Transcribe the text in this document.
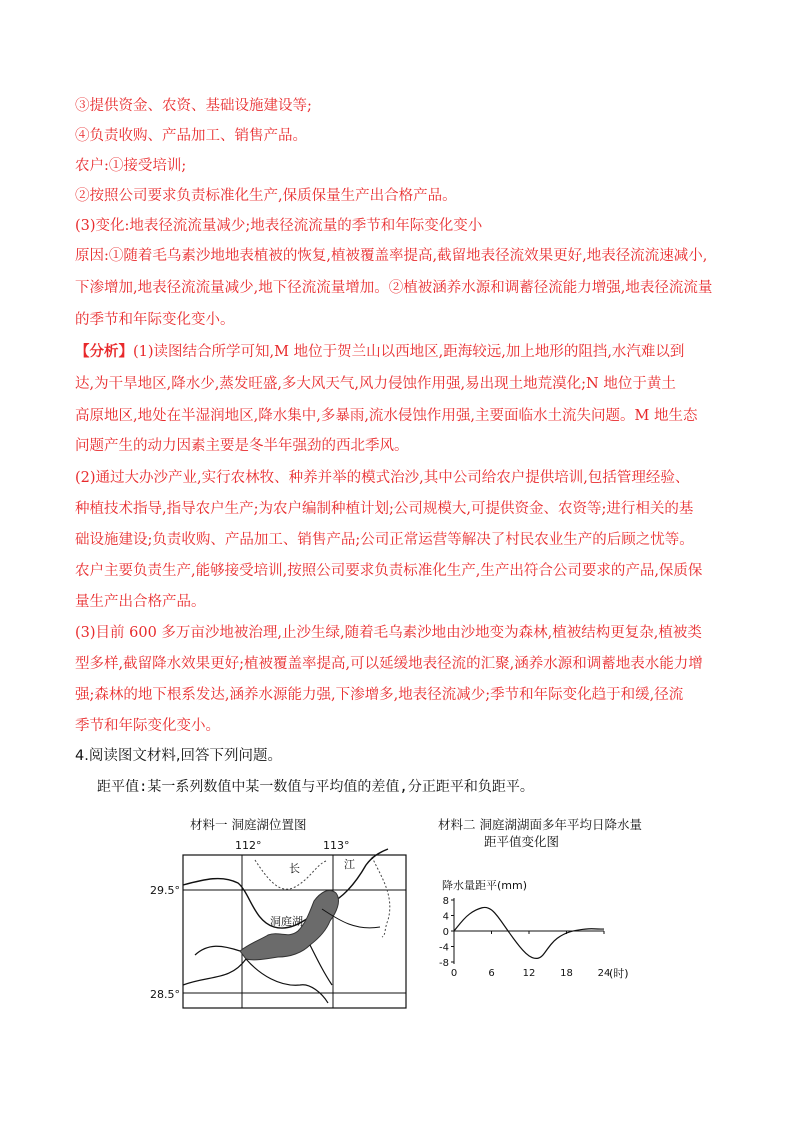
③提供资金、农资、基础设施建设等;
④负责收购、产品加工、销售产品。
农户:①接受培训;
②按照公司要求负责标准化生产,保质保量生产出合格产品。
(3)变化:地表径流流量减少;地表径流流量的季节和年际变化变小
原因:①随着毛乌素沙地地表植被的恢复,植被覆盖率提高,截留地表径流效果更好,地表径流流速减小,
下渗增加,地表径流流量减少,地下径流流量增加。②植被涵养水源和调蓄径流能力增强,地表径流流量
的季节和年际变化变小。
【分析】(1)读图结合所学可知,M 地位于贺兰山以西地区,距海较远,加上地形的阻挡,水汽难以到
达,为干旱地区,降水少,蒸发旺盛,多大风天气,风力侵蚀作用强,易出现土地荒漠化;N 地位于黄土
高原地区,地处在半湿润地区,降水集中,多暴雨,流水侵蚀作用强,主要面临水土流失问题。M 地生态
问题产生的动力因素主要是冬半年强劲的西北季风。
(2)通过大办沙产业,实行农林牧、种养并举的模式治沙,其中公司给农户提供培训,包括管理经验、
种植技术指导,指导农户生产;为农户编制种植计划;公司规模大,可提供资金、农资等;进行相关的基
础设施建设;负责收购、产品加工、销售产品;公司正常运营等解决了村民农业生产的后顾之忧等。
农户主要负责生产,能够接受培训,按照公司要求负责标准化生产,生产出符合公司要求的产品,保质保
量生产出合格产品。
(3)目前 600 多万亩沙地被治理,止沙生绿,随着毛乌素沙地由沙地变为森林,植被结构更复杂,植被类
型多样,截留降水效果更好;植被覆盖率提高,可以延缓地表径流的汇聚,涵养水源和调蓄地表水能力增
强;森林的地下根系发达,涵养水源能力强,下渗增多,地表径流减少;季节和年际变化趋于和缓,径流
季节和年际变化变小。
4.阅读图文材料,回答下列问题。
距平值:某一系列数值中某一数值与平均值的差值,分正距平和负距平。
材料一 洞庭湖位置图
112°	113°
29.5°
28.5°
长	江
洞庭湖
材料二 洞庭湖湖面多年平均日降水量
距平值变化图
降水量距平(mm)
8
4
0
-4
-8
0	6	12 18 24
(时)
